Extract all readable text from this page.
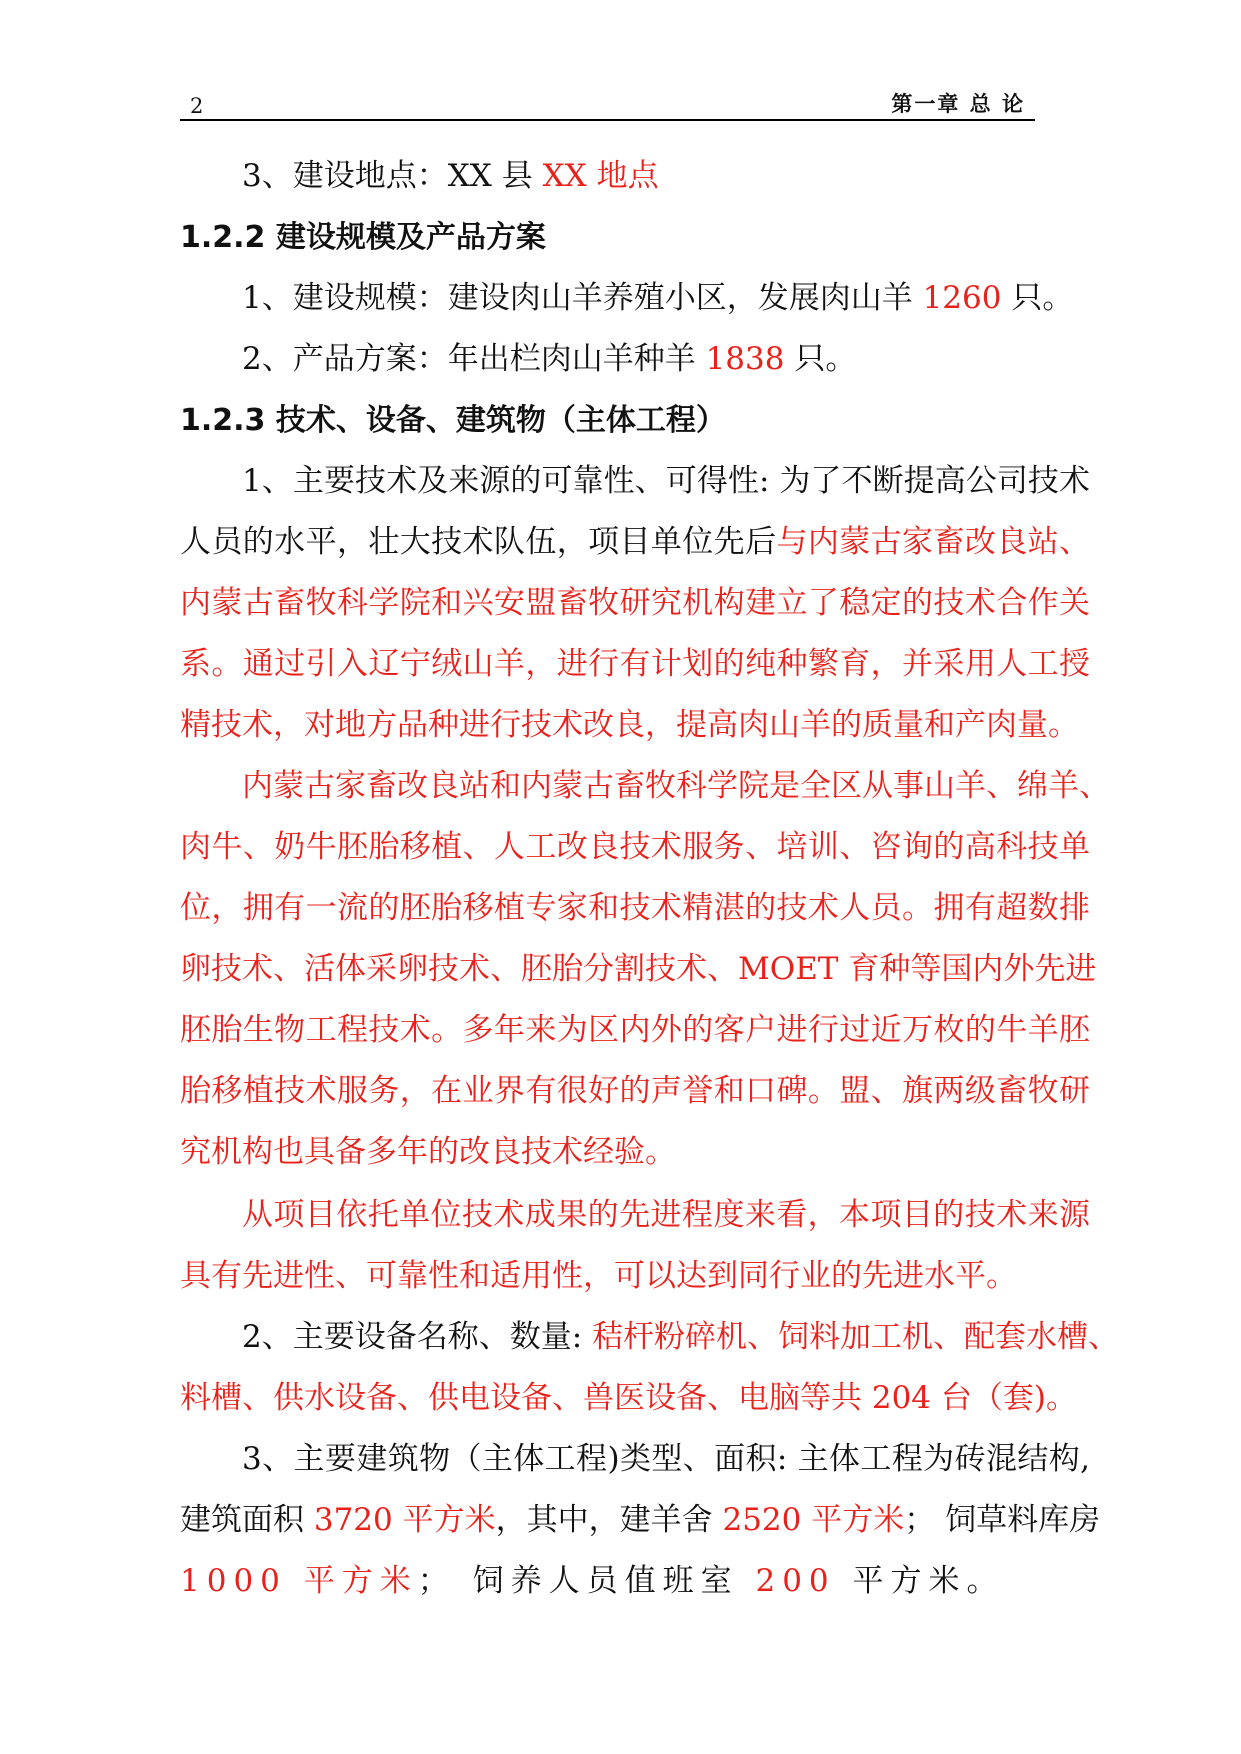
2	第一章 总 论
3、建设地点：XX 县 XX 地点
1.2.2 建设规模及产品方案
1、建设规模：建设肉山羊养殖小区，发展肉山羊 1260 只。
2、产品方案：年出栏肉山羊种羊 1838 只。
1.2.3 技术、设备、建筑物（主体工程）
1、主要技术及来源的可靠性、可得性: 为了不断提高公司技术
人员的水平，壮大技术队伍，项目单位先后与内蒙古家畜改良站、
内蒙古畜牧科学院和兴安盟畜牧研究机构建立了稳定的技术合作关
系。通过引入辽宁绒山羊，进行有计划的纯种繁育，并采用人工授
精技术，对地方品种进行技术改良，提高肉山羊的质量和产肉量。
内蒙古家畜改良站和内蒙古畜牧科学院是全区从事山羊、绵羊、
肉牛、奶牛胚胎移植、人工改良技术服务、培训、咨询的高科技单
位，拥有一流的胚胎移植专家和技术精湛的技术人员。拥有超数排
卵技术、活体采卵技术、胚胎分割技术、MOET 育种等国内外先进
胚胎生物工程技术。多年来为区内外的客户进行过近万枚的牛羊胚
胎移植技术服务，在业界有很好的声誉和口碑。盟、旗两级畜牧研
究机构也具备多年的改良技术经验。
从项目依托单位技术成果的先进程度来看，本项目的技术来源
具有先进性、可靠性和适用性，可以达到同行业的先进水平。
2、主要设备名称、数量: 秸杆粉碎机、饲料加工机、配套水槽、
料槽、供水设备、供电设备、兽医设备、电脑等共 204 台（套)。
3、主要建筑物（主体工程)类型、面积: 主体工程为砖混结构,
建筑面积 3720 平方米，其中，建羊舍 2520 平方米； 饲草料库房
1000 平方米； 饲养人员值班室 200 平方米。
